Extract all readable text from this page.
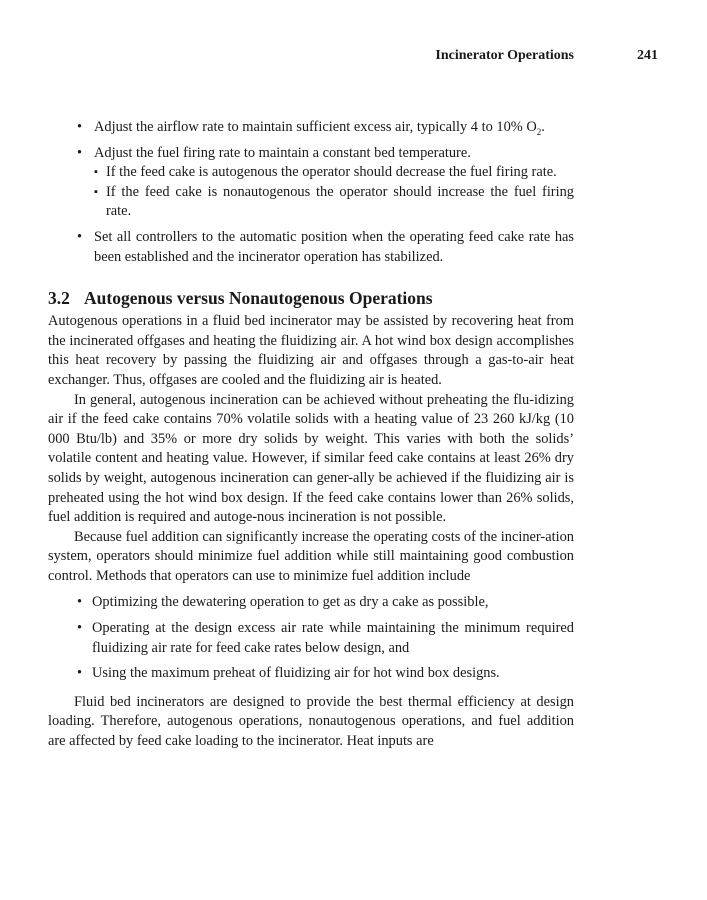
Incinerator Operations	241
• Adjust the airflow rate to maintain sufficient excess air, typically 4 to 10% $O_2$.
• Adjust the fuel firing rate to maintain a constant bed temperature.
▪ If the feed cake is autogenous the operator should decrease the fuel firing rate.
▪ If the feed cake is nonautogenous the operator should increase the fuel firing rate.
• Set all controllers to the automatic position when the operating feed cake rate has been established and the incinerator operation has stabilized.
3.2 Autogenous versus Nonautogenous Operations

Autogenous operations in a fluid bed incinerator may be assisted by recovering heat from the incinerated offgases and heating the fluidizing air. A hot wind box design accomplishes this heat recovery by passing the fluidizing air and offgases through a gas-to-air heat exchanger. Thus, offgases are cooled and the fluidizing air is heated.

In general, autogenous incineration can be achieved without preheating the flu-idizing air if the feed cake contains 70% volatile solids with a heating value of 23 260 kJ/kg (10 000 Btu/lb) and 35% or more dry solids by weight. This varies with both the solids’ volatile content and heating value. However, if similar feed cake contains at least 26% dry solids by weight, autogenous incineration can gener-ally be achieved if the fluidizing air is preheated using the hot wind box design. If the feed cake contains lower than 26% solids, fuel addition is required and autoge-nous incineration is not possible.

Because fuel addition can significantly increase the operating costs of the inciner-ation system, operators should minimize fuel addition while still maintaining good combustion control. Methods that operators can use to minimize fuel addition include

• Optimizing the dewatering operation to get as dry a cake as possible,
• Operating at the design excess air rate while maintaining the minimum required fluidizing air rate for feed cake rates below design, and
• Using the maximum preheat of fluidizing air for hot wind box designs.

Fluid bed incinerators are designed to provide the best thermal efficiency at design loading. Therefore, autogenous operations, nonautogenous operations, and fuel addition are affected by feed cake loading to the incinerator. Heat inputs are
